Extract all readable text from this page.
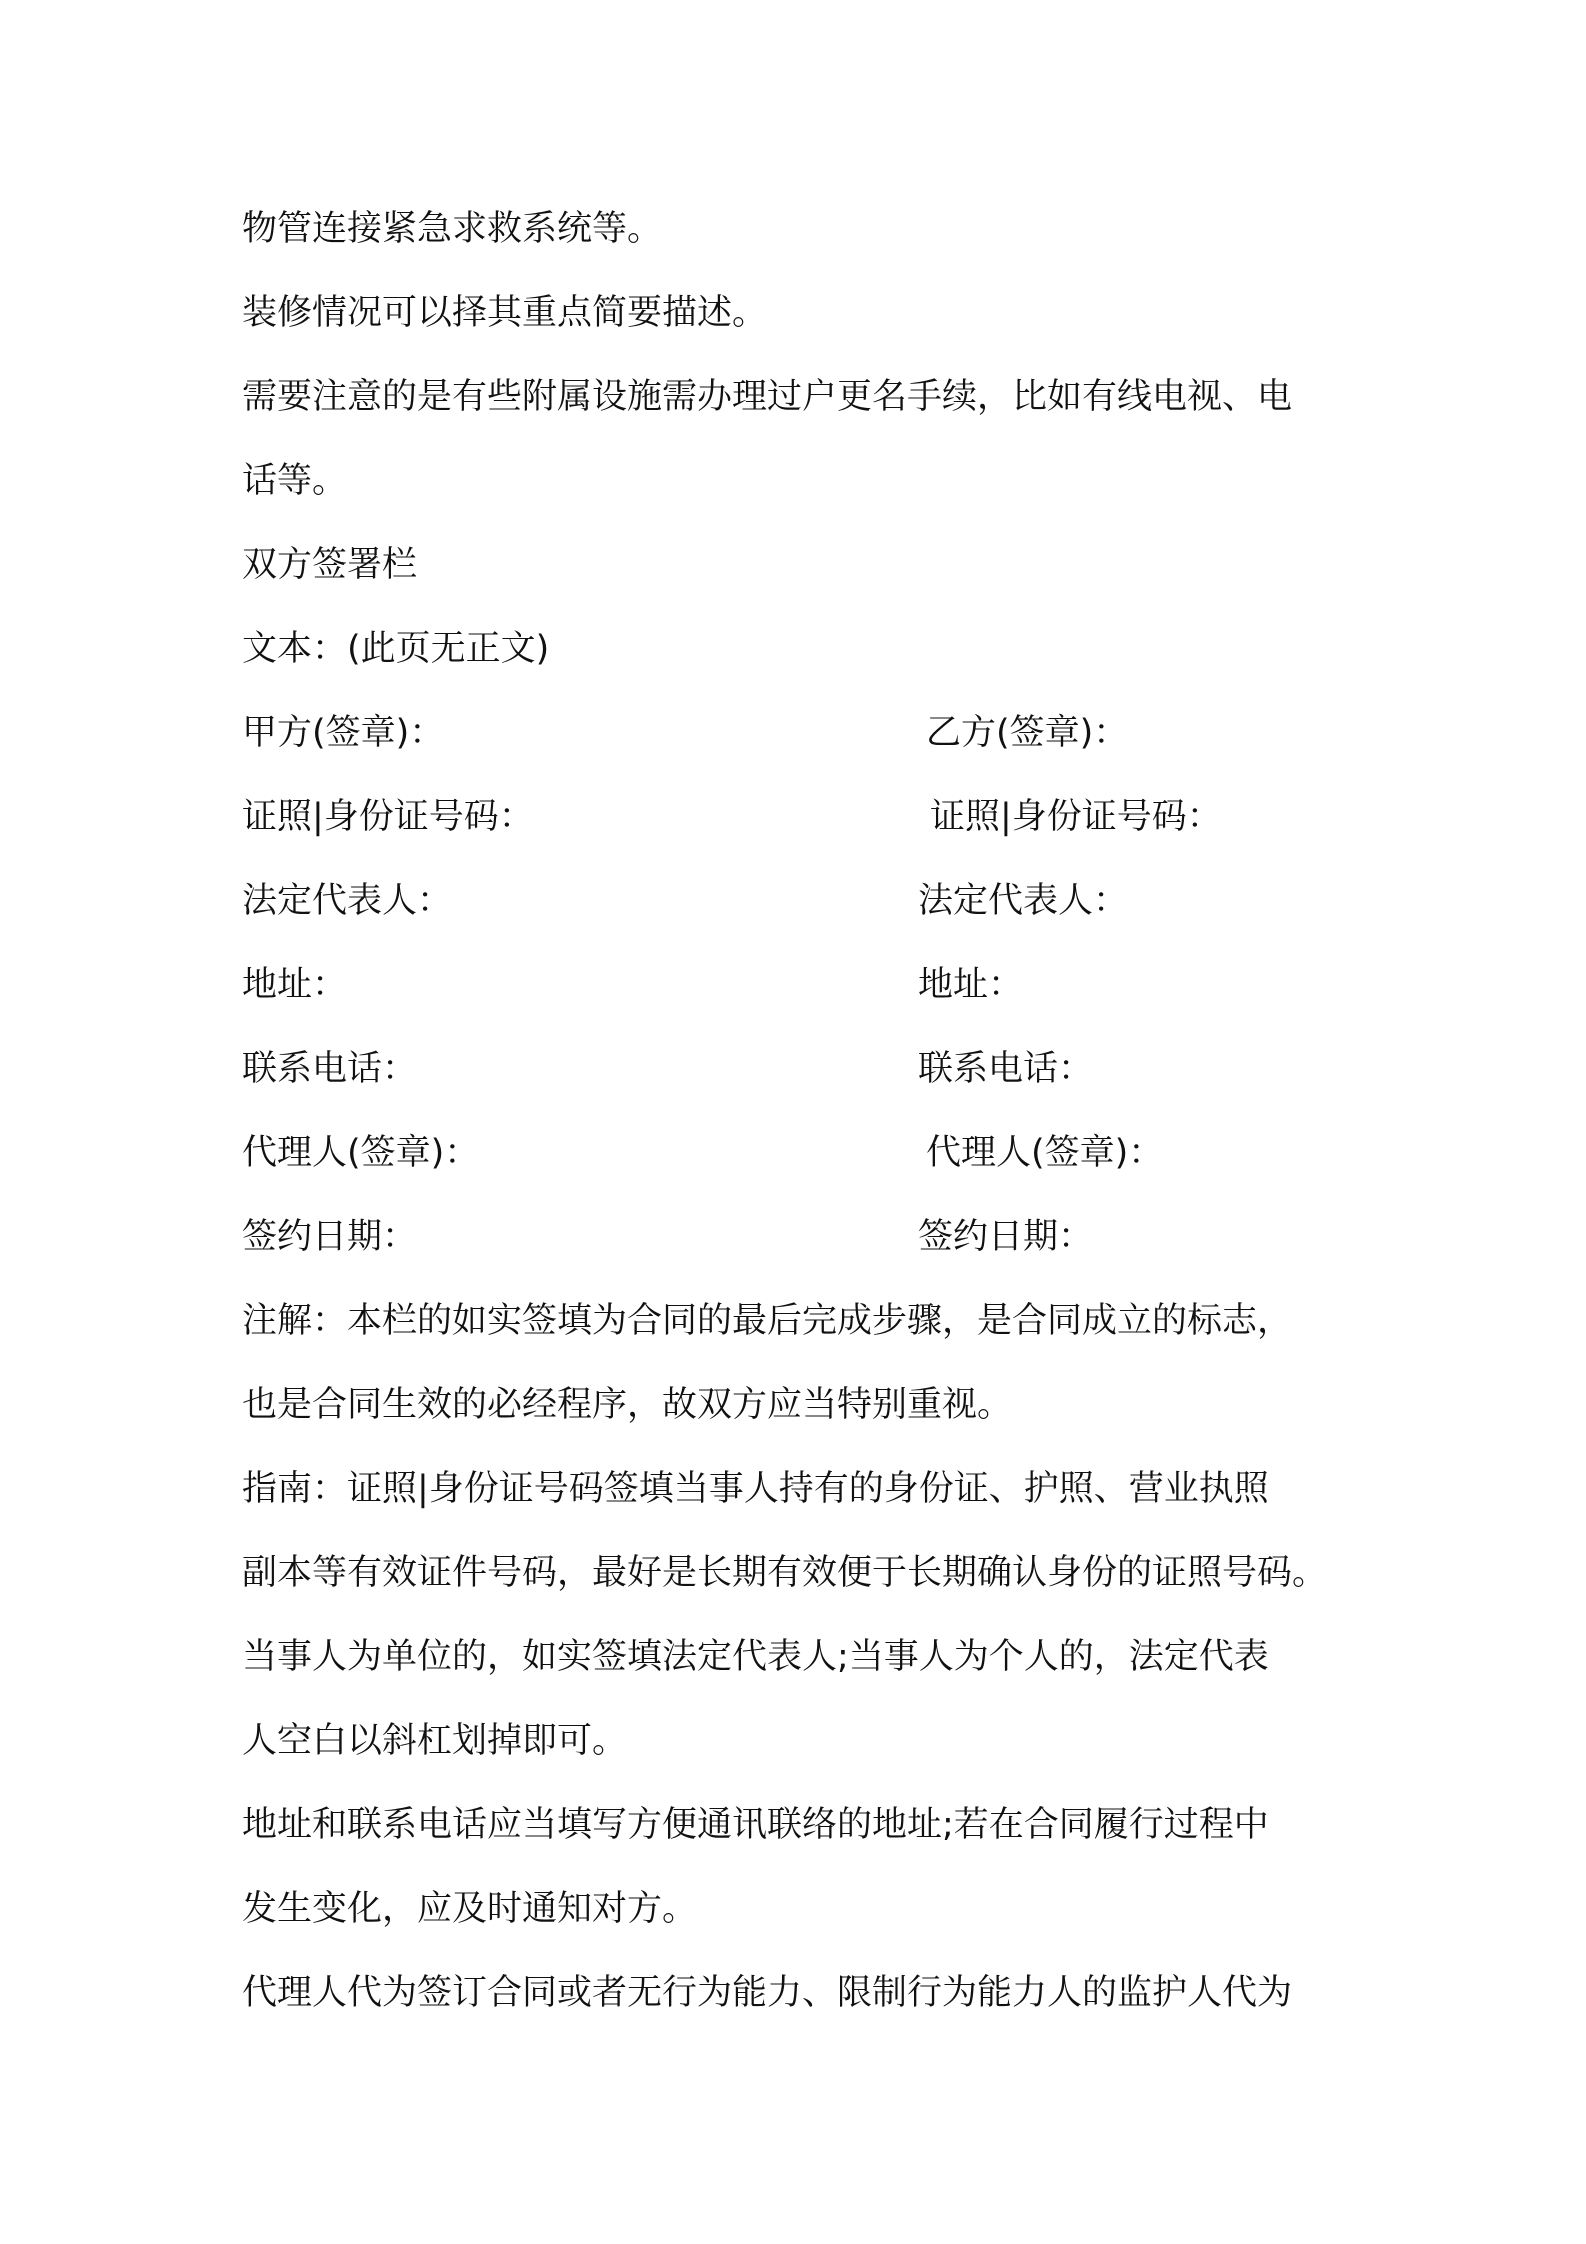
物管连接紧急求救系统等。
装修情况可以择其重点简要描述。
需要注意的是有些附属设施需办理过户更名手续，比如有线电视、电
话等。
双方签署栏
文本：(此页无正文)
甲方(签章)：	乙方(签章)：
证照|身份证号码：	证照|身份证号码：
法定代表人：	法定代表人：
地址：	地址：
联系电话：	联系电话：
代理人(签章)：	代理人(签章)：
签约日期：	签约日期：
注解：本栏的如实签填为合同的最后完成步骤，是合同成立的标志，
也是合同生效的必经程序，故双方应当特别重视。
指南：证照|身份证号码签填当事人持有的身份证、护照、营业执照
副本等有效证件号码，最好是长期有效便于长期确认身份的证照号码。
当事人为单位的，如实签填法定代表人;当事人为个人的，法定代表
人空白以斜杠划掉即可。
地址和联系电话应当填写方便通讯联络的地址;若在合同履行过程中
发生变化，应及时通知对方。
代理人代为签订合同或者无行为能力、限制行为能力人的监护人代为
